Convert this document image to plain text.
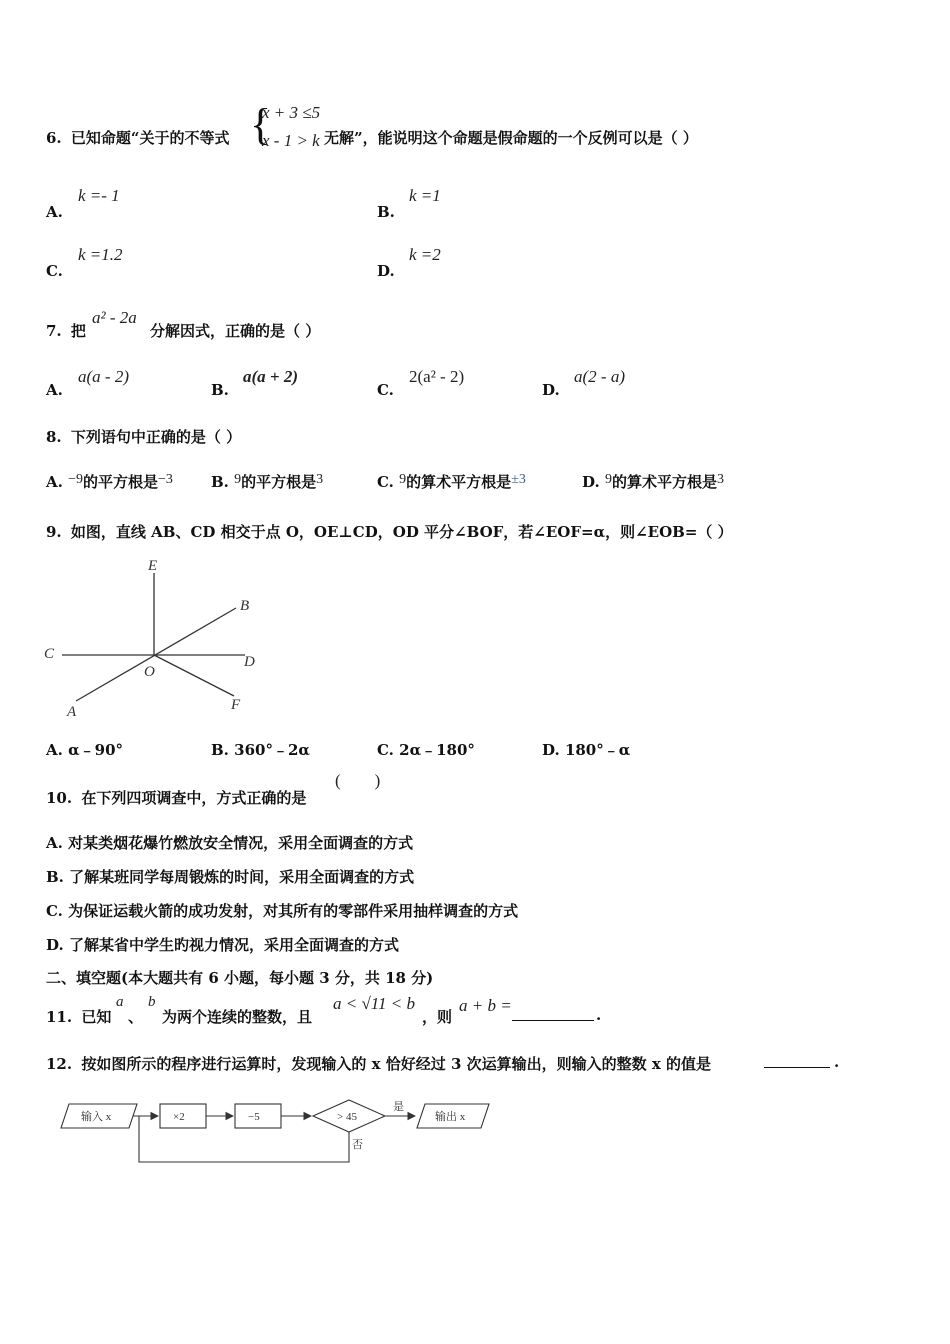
6. 已知命题“关于的不等式 {
x + 3 ≤5
x - 1 > k 无解”，能说明这个命题是假命题的一个反例可以是（ ）
A.
k =- 1
B.
k =1
C.
k =1.2
D.
k =2
7. 把
a² - 2a
分解因式，正确的是（ ）
A.
a(a - 2)
B.
a(a + 2)
C.
2(a² - 2)
D.
a(2 - a)
8. 下列语句中正确的是（ ）
A. −9的平方根是−3	B. 9的平方根是3	C. 9的算术平方根是±3	D. 9的算术平方根是3
9. 如图，直线 AB、CD 相交于点 O，OE⊥CD，OD 平分∠BOF，若∠EOF=α，则∠EOB=（ ）
E
B
C	D
O
A	F
A. α﹣90°	B. 360°﹣2α	C. 2α﹣180°	D. 180°﹣α
10. 在下列四项调查中，方式正确的是
(        )
A. 对某类烟花爆竹燃放安全情况，采用全面调查的方式
B. 了解某班同学每周锻炼的时间，采用全面调查的方式
C. 为保证运载火箭的成功发射，对其所有的零部件采用抽样调查的方式
D. 了解某省中学生旳视力情况，采用全面调查的方式
二、填空题(本大题共有 6 小题，每小题 3 分，共 18 分)
11. 已知
a
、
b
为两个连续的整数，且
a < √11 < b
，则
a + b =	.
12. 按如图所示的程序进行运算时，发现输入的 x 恰好经过 3 次运算输出，则输入的整数 x 的值是	.
输入 x	×2	−5	> 45
是
否
输出 x
